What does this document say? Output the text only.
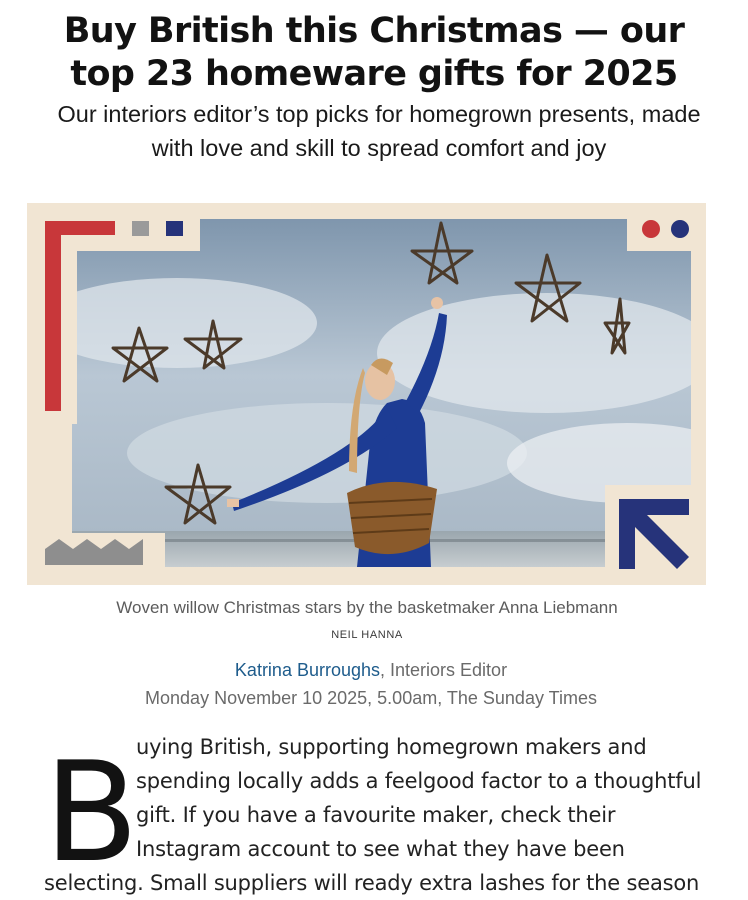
Buy British this Christmas — our top 23 homeware gifts for 2025

Our interiors editor’s top picks for homegrown presents, made with love and skill to spread comfort and joy

Woven willow Christmas stars by the basketmaker Anna Liebmann
NEIL HANNA
Katrina Burroughs, Interiors Editor
Monday November 10 2025, 5.00am, The Sunday Times
B

uying British, supporting homegrown makers and spending locally adds a feelgood factor to a thoughtful gift. If you have a favourite maker, check their Instagram account to see what they have been

selecting. Small suppliers will ready extra lashes for the season
